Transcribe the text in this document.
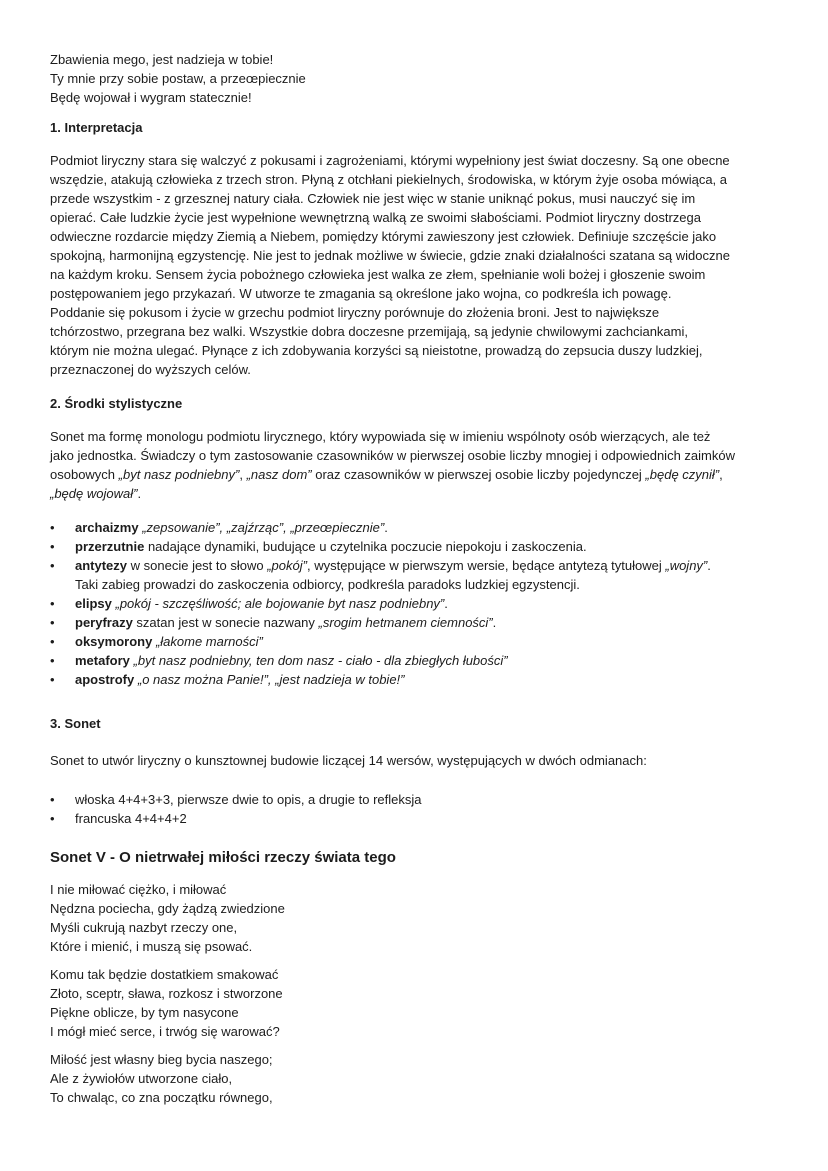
Zbawienia mego, jest nadzieja w tobie!
Ty mnie przy sobie postaw, a przeœpiecznie
Będę wojował i wygram statecznie!
1. Interpretacja
Podmiot liryczny stara się walczyć z pokusami i zagrożeniami, którymi wypełniony jest świat doczesny. Są one obecne
wszędzie, atakują człowieka z trzech stron. Płyną z otchłani piekielnych, środowiska, w którym żyje osoba mówiąca, a
przede wszystkim - z grzesznej natury ciała. Człowiek nie jest więc w stanie uniknąć pokus, musi nauczyć się im
opierać. Całe ludzkie życie jest wypełnione wewnętrzną walką ze swoimi słabościami. Podmiot liryczny dostrzega
odwieczne rozdarcie między Ziemią a Niebem, pomiędzy którymi zawieszony jest człowiek. Definiuje szczęście jako
spokojną, harmonijną egzystencję. Nie jest to jednak możliwe w świecie, gdzie znaki działalności szatana są widoczne
na każdym kroku. Sensem życia pobożnego człowieka jest walka ze złem, spełnianie woli bożej i głoszenie swoim
postępowaniem jego przykazań. W utworze te zmagania są określone jako wojna, co podkreśla ich powagę.
Poddanie się pokusom i życie w grzechu podmiot liryczny porównuje do złożenia broni. Jest to największe
tchórzostwo, przegrana bez walki. Wszystkie dobra doczesne przemijają, są jedynie chwilowymi zachciankami,
którym nie można ulegać. Płynące z ich zdobywania korzyści są nieistotne, prowadzą do zepsucia duszy ludzkiej,
przeznaczonej do wyższych celów.
2. Środki stylistyczne
Sonet ma formę monologu podmiotu lirycznego, który wypowiada się w imieniu wspólnoty osób wierzących, ale też
jako jednostka. Świadczy o tym zastosowanie czasowników w pierwszej osobie liczby mnogiej i odpowiednich zaimków
osobowych „byt nasz podniebny”, „nasz dom” oraz czasowników w pierwszej osobie liczby pojedynczej „będę czynił”,
„będę wojował”.
•	archaizmy „zepsowanie”, „zajźrząc”, „przeœpiecznie”.
•	przerzutnie nadające dynamiki, budujące u czytelnika poczucie niepokoju i zaskoczenia.
•	antytezy w sonecie jest to słowo „pokój”, występujące w pierwszym wersie, będące antytezą tytułowej „wojny”.
Taki zabieg prowadzi do zaskoczenia odbiorcy, podkreśla paradoks ludzkiej egzystencji.
•	elipsy „pokój - szczęśliwość; ale bojowanie byt nasz podniebny”.
•	peryfrazy szatan jest w sonecie nazwany „srogim hetmanem ciemności”.
•	oksymorony „łakome marności”
•	metafory „byt nasz podniebny, ten dom nasz - ciało - dla zbiegłych łubości”
•	apostrofy „o nasz można Panie!”, „jest nadzieja w tobie!”
3. Sonet
Sonet to utwór liryczny o kunsztownej budowie liczącej 14 wersów, występujących w dwóch odmianach:
•	włoska 4+4+3+3, pierwsze dwie to opis, a drugie to refleksja
•	francuska 4+4+4+2
Sonet V - O nietrwałej miłości rzeczy świata tego
I nie miłować ciężko, i miłować
Nędzna pociecha, gdy żądzą zwiedzione
Myśli cukrują nazbyt rzeczy one,
Które i mienić, i muszą się psować.
Komu tak będzie dostatkiem smakować
Złoto, sceptr, sława, rozkosz i stworzone
Piękne oblicze, by tym nasycone
I mógł mieć serce, i trwóg się warować?
Miłość jest własny bieg bycia naszego;
Ale z żywiołów utworzone ciało,
To chwaląc, co zna początku równego,
